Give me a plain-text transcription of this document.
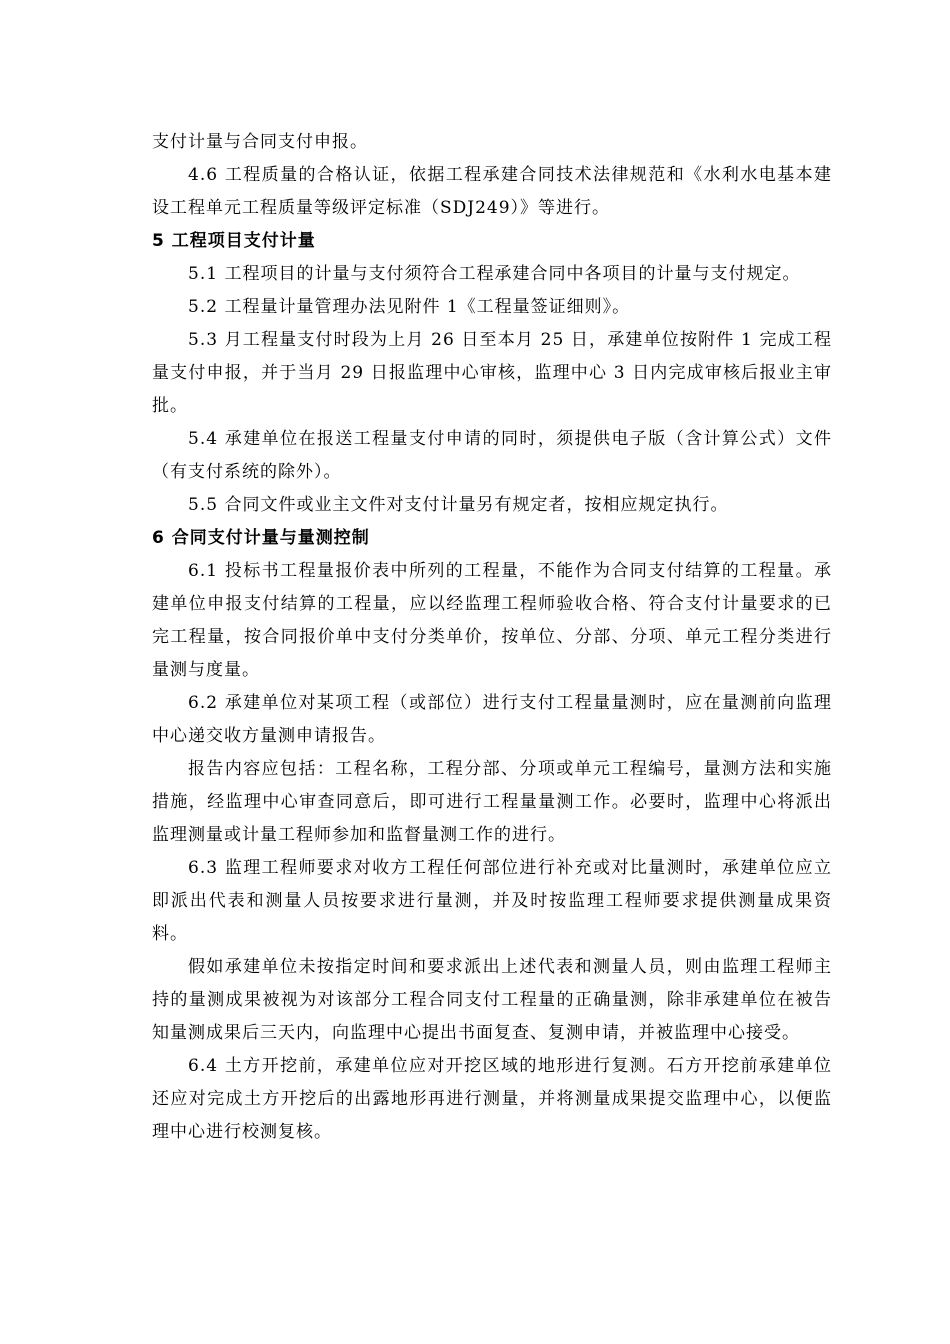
支付计量与合同支付申报。

4.6 工程质量的合格认证，依据工程承建合同技术法律规范和《水利水电基本建设工程单元工程质量等级评定标准（SDJ249）》等进行。

5 工程项目支付计量

5.1 工程项目的计量与支付须符合工程承建合同中各项目的计量与支付规定。

5.2 工程量计量管理办法见附件 1《工程量签证细则》。

5.3 月工程量支付时段为上月 26 日至本月 25 日，承建单位按附件 1 完成工程量支付申报，并于当月 29 日报监理中心审核，监理中心 3 日内完成审核后报业主审批。

5.4 承建单位在报送工程量支付申请的同时，须提供电子版（含计算公式）文件（有支付系统的除外）。

5.5 合同文件或业主文件对支付计量另有规定者，按相应规定执行。

6 合同支付计量与量测控制

6.1 投标书工程量报价表中所列的工程量，不能作为合同支付结算的工程量。承建单位申报支付结算的工程量，应以经监理工程师验收合格、符合支付计量要求的已完工程量，按合同报价单中支付分类单价，按单位、分部、分项、单元工程分类进行量测与度量。

6.2 承建单位对某项工程（或部位）进行支付工程量量测时，应在量测前向监理中心递交收方量测申请报告。

报告内容应包括：工程名称，工程分部、分项或单元工程编号，量测方法和实施措施，经监理中心审查同意后，即可进行工程量量测工作。必要时，监理中心将派出监理测量或计量工程师参加和监督量测工作的进行。

6.3 监理工程师要求对收方工程任何部位进行补充或对比量测时，承建单位应立即派出代表和测量人员按要求进行量测，并及时按监理工程师要求提供测量成果资料。

假如承建单位未按指定时间和要求派出上述代表和测量人员，则由监理工程师主持的量测成果被视为对该部分工程合同支付工程量的正确量测，除非承建单位在被告知量测成果后三天内，向监理中心提出书面复查、复测申请，并被监理中心接受。

6.4 土方开挖前，承建单位应对开挖区域的地形进行复测。石方开挖前承建单位还应对完成土方开挖后的出露地形再进行测量，并将测量成果提交监理中心，以便监理中心进行校测复核。
